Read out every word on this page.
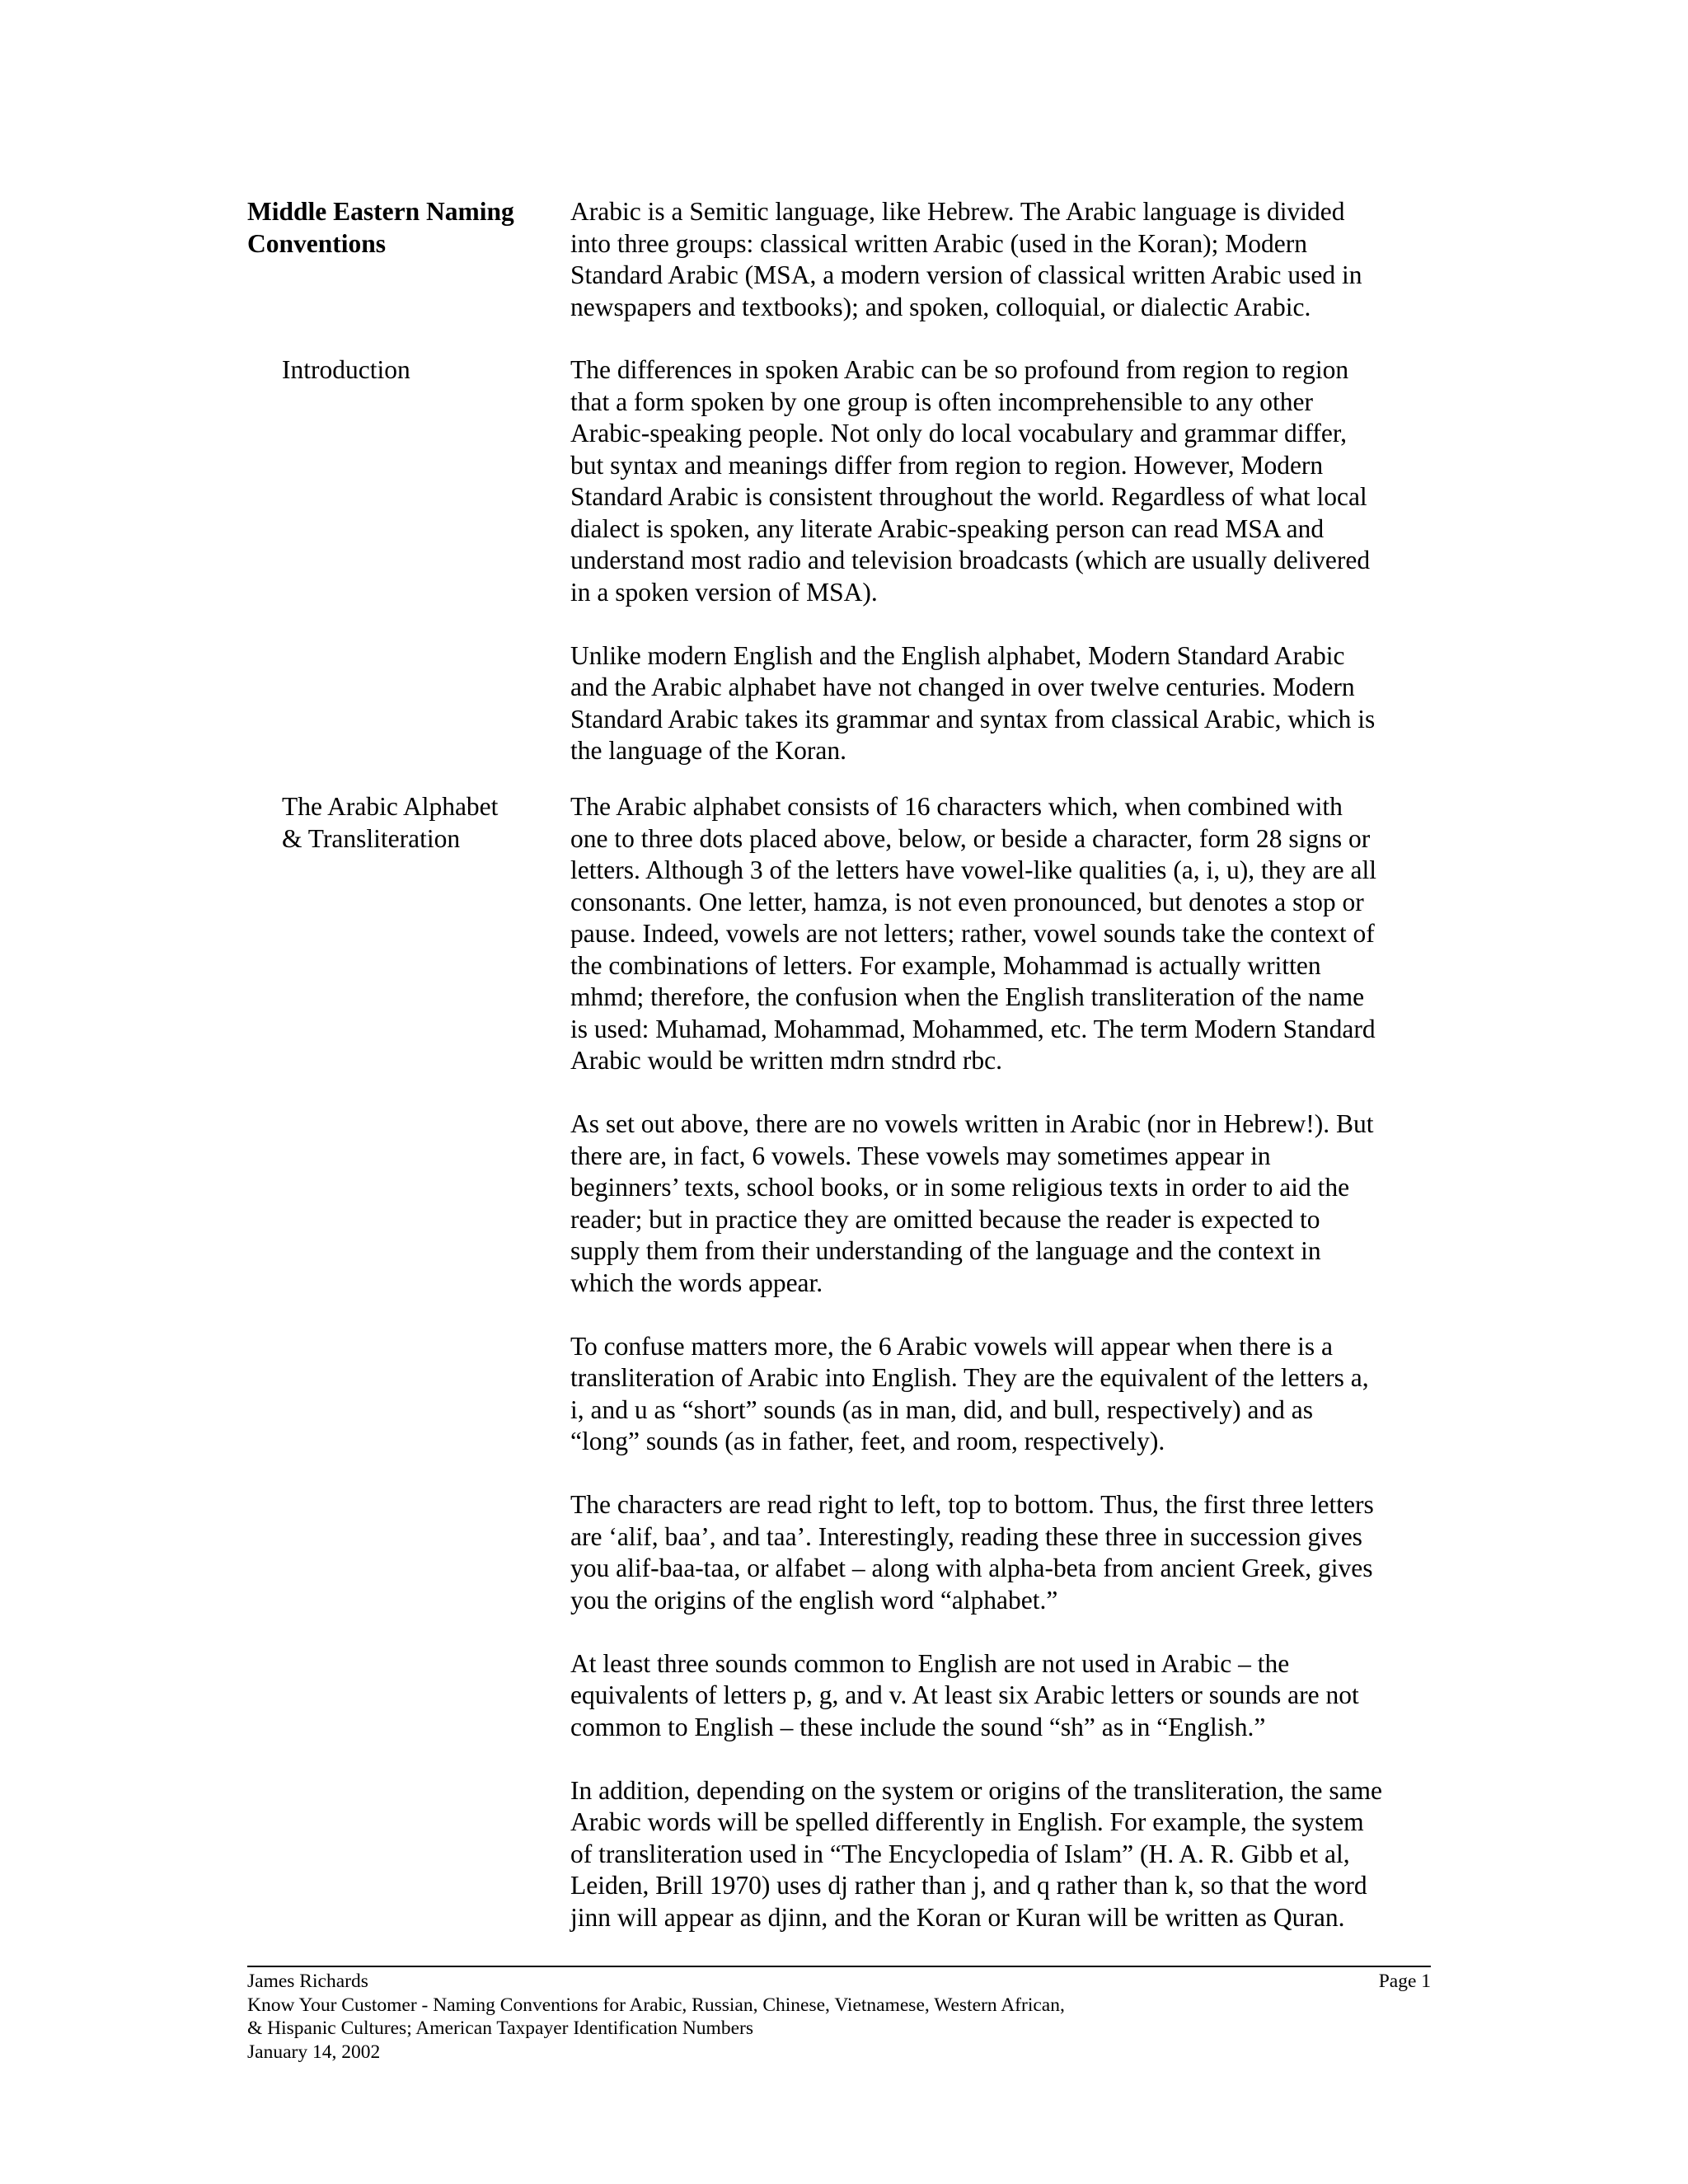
Middle Eastern Naming
Conventions

Arabic is a Semitic language, like Hebrew. The Arabic language is divided
into three groups: classical written Arabic (used in the Koran); Modern
Standard Arabic (MSA, a modern version of classical written Arabic used in
newspapers and textbooks); and spoken, colloquial, or dialectic Arabic.

Introduction	The differences in spoken Arabic can be so profound from region to region
that a form spoken by one group is often incomprehensible to any other
Arabic-speaking people. Not only do local vocabulary and grammar differ,
but syntax and meanings differ from region to region. However, Modern
Standard Arabic is consistent throughout the world. Regardless of what local
dialect is spoken, any literate Arabic-speaking person can read MSA and
understand most radio and television broadcasts (which are usually delivered
in a spoken version of MSA).

Unlike modern English and the English alphabet, Modern Standard Arabic
and the Arabic alphabet have not changed in over twelve centuries. Modern
Standard Arabic takes its grammar and syntax from classical Arabic, which is
the language of the Koran.

The Arabic Alphabet
& Transliteration

The Arabic alphabet consists of 16 characters which, when combined with
one to three dots placed above, below, or beside a character, form 28 signs or
letters. Although 3 of the letters have vowel-like qualities (a, i, u), they are all
consonants. One letter, hamza, is not even pronounced, but denotes a stop or
pause. Indeed, vowels are not letters; rather, vowel sounds take the context of
the combinations of letters. For example, Mohammad is actually written
mhmd; therefore, the confusion when the English transliteration of the name
is used: Muhamad, Mohammad, Mohammed, etc. The term Modern Standard
Arabic would be written mdrn stndrd rbc.

As set out above, there are no vowels written in Arabic (nor in Hebrew!). But
there are, in fact, 6 vowels. These vowels may sometimes appear in
beginners’ texts, school books, or in some religious texts in order to aid the
reader; but in practice they are omitted because the reader is expected to
supply them from their understanding of the language and the context in
which the words appear.

To confuse matters more, the 6 Arabic vowels will appear when there is a
transliteration of Arabic into English. They are the equivalent of the letters a,
i, and u as “short” sounds (as in man, did, and bull, respectively) and as
“long” sounds (as in father, feet, and room, respectively).

The characters are read right to left, top to bottom. Thus, the first three letters
are ‘alif, baa’, and taa’. Interestingly, reading these three in succession gives
you alif-baa-taa, or alfabet – along with alpha-beta from ancient Greek, gives
you the origins of the english word “alphabet.”

At least three sounds common to English are not used in Arabic – the
equivalents of letters p, g, and v. At least six Arabic letters or sounds are not
common to English – these include the sound “sh” as in “English.”

In addition, depending on the system or origins of the transliteration, the same
Arabic words will be spelled differently in English. For example, the system
of transliteration used in “The Encyclopedia of Islam” (H. A. R. Gibb et al,
Leiden, Brill 1970) uses dj rather than j, and q rather than k, so that the word
jinn will appear as djinn, and the Koran or Kuran will be written as Quran.

James Richards	Page 1
Know Your Customer - Naming Conventions for Arabic, Russian, Chinese, Vietnamese, Western African,
& Hispanic Cultures; American Taxpayer Identification Numbers
January 14, 2002
